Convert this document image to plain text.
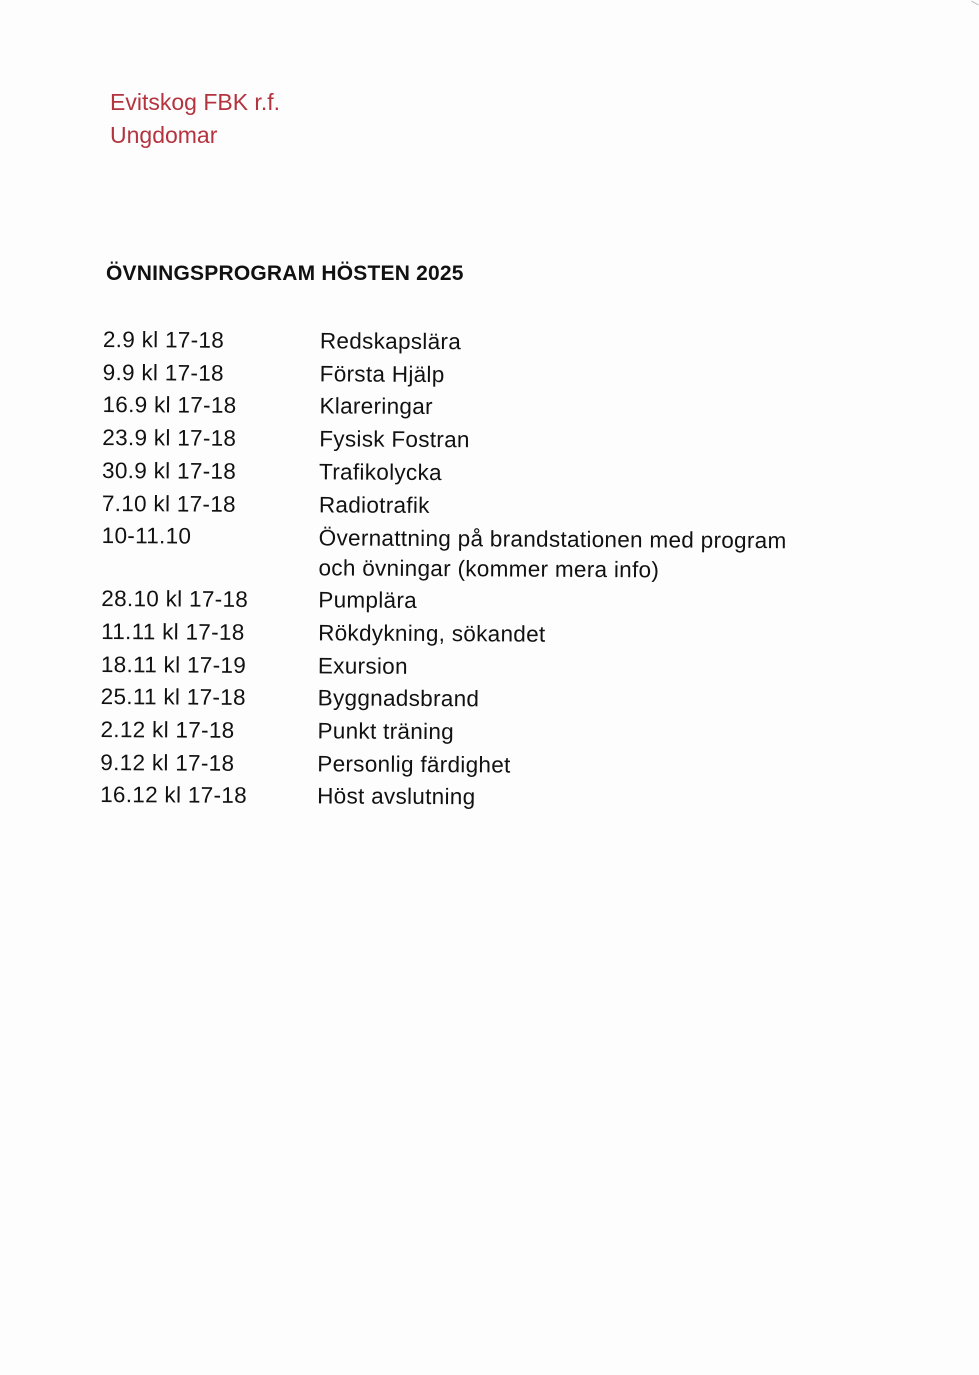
Evitskog FBK r.f.
Ungdomar
ÖVNINGSPROGRAM HÖSTEN 2025
2.9 kl 17-18	Redskapslära
9.9 kl 17-18	Första Hjälp
16.9 kl 17-18	Klareringar
23.9 kl 17-18	Fysisk Fostran
30.9 kl 17-18	Trafikolycka
7.10 kl 17-18	Radiotrafik
10-11.10	Övernattning på brandstationen med program och övningar (kommer mera info)
28.10 kl 17-18	Pumplära
11.11 kl 17-18	Rökdykning, sökandet
18.11 kl 17-19	Exursion
25.11 kl 17-18	Byggnadsbrand
2.12 kl 17-18	Punkt träning
9.12 kl 17-18	Personlig färdighet
16.12 kl 17-18	Höst avslutning
